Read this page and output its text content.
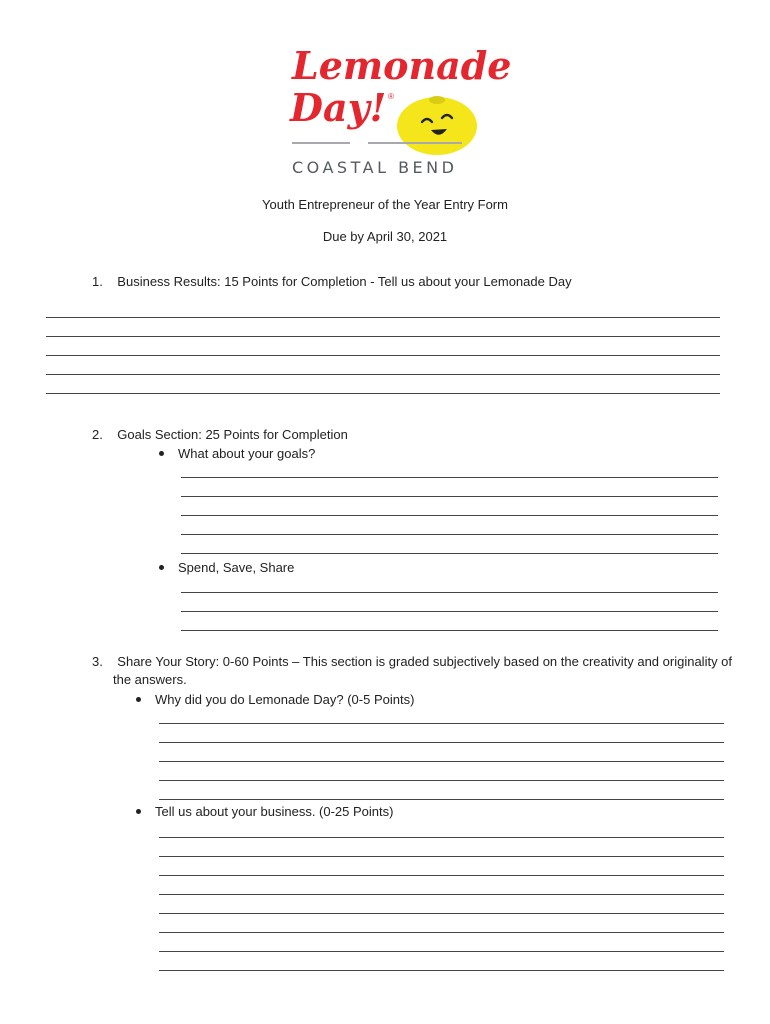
Lemonade
Day! ®
COASTAL BEND
Youth Entrepreneur of the Year Entry Form
Due by April 30, 2021
1. Business Results: 15 Points for Completion - Tell us about your Lemonade Day
2. Goals Section: 25 Points for Completion
What about your goals?
Spend, Save, Share
3. Share Your Story: 0-60 Points – This section is graded subjectively based on the creativity and originality of
the answers.
Why did you do Lemonade Day? (0-5 Points)
Tell us about your business. (0-25 Points)
